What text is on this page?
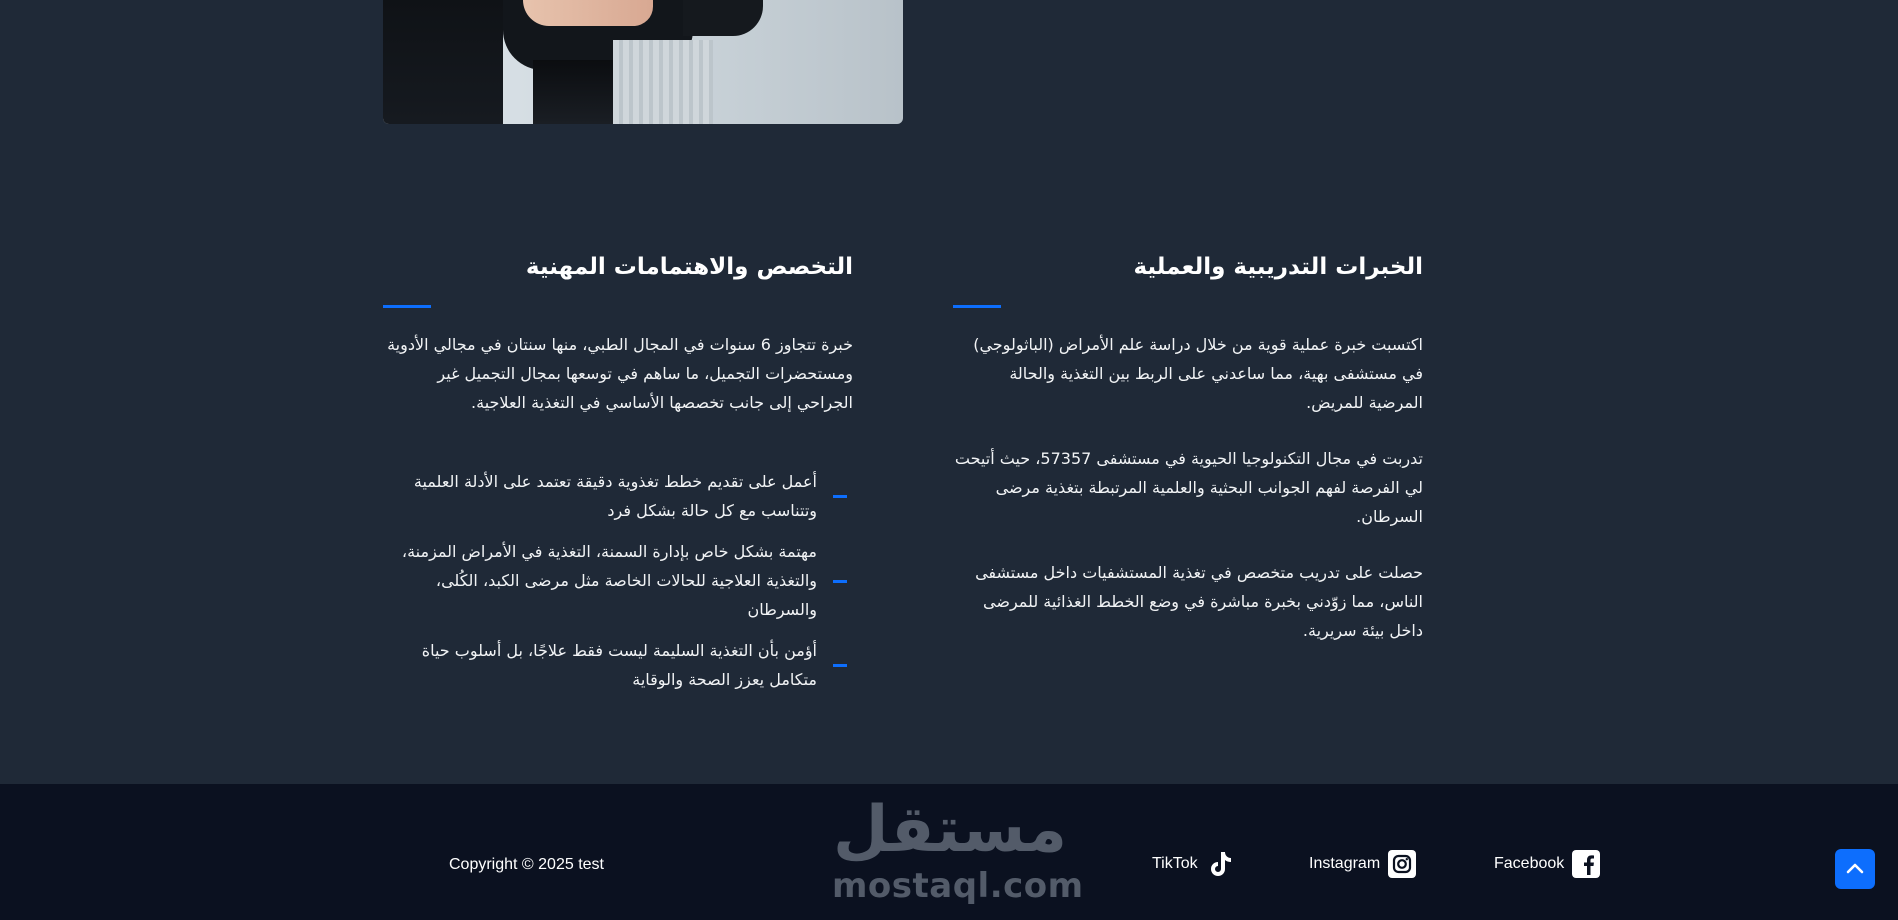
الخبرات التدريبية والعملية

اكتسبت خبرة عملية قوية من خلال دراسة علم الأمراض (الباثولوجي) في مستشفى بهية، مما ساعدني على الربط بين التغذية والحالة المرضية للمريض.

تدربت في مجال التكنولوجيا الحيوية في مستشفى 57357، حيث أتيحت لي الفرصة لفهم الجوانب البحثية والعلمية المرتبطة بتغذية مرضى السرطان.

حصلت على تدريب متخصص في تغذية المستشفيات داخل مستشفى الناس، مما زوّدني بخبرة مباشرة في وضع الخطط الغذائية للمرضى داخل بيئة سريرية.

التخصص والاهتمامات المهنية

خبرة تتجاوز 6 سنوات في المجال الطبي، منها سنتان في مجالي الأدوية ومستحضرات التجميل، ما ساهم في توسعها بمجال التجميل غير الجراحي إلى جانب تخصصها الأساسي في التغذية العلاجية.

أعمل على تقديم خطط تغذوية دقيقة تعتمد على الأدلة العلمية وتتناسب مع كل حالة بشكل فرد
مهتمة بشكل خاص بإدارة السمنة، التغذية في الأمراض المزمنة، والتغذية العلاجية للحالات الخاصة مثل مرضى الكبد، الكُلى، والسرطان
أؤمن بأن التغذية السليمة ليست فقط علاجًا، بل أسلوب حياة متكامل يعزز الصحة والوقاية
Copyright © 2025 test	مستقل
mostaql.com
TikTok	Instagram	Facebook
